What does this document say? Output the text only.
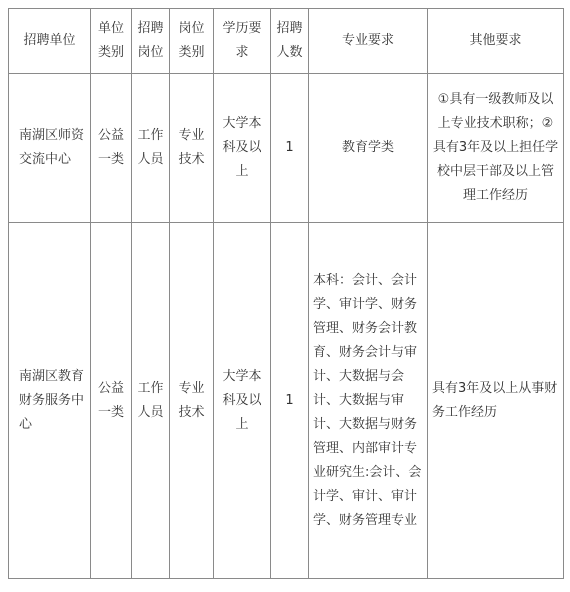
招聘单位	单位类别	招聘岗位	岗位类别	学历要求	招聘人数	专业要求	其他要求
南湖区师资交流中心	公益一类	工作人员	专业技术	大学本科及以上	1	教育学类	①具有一级教师及以上专业技术职称；②具有3年及以上担任学校中层干部及以上管理工作经历
南湖区教育财务服务中心	公益一类	工作人员	专业技术	大学本科及以上	1	本科：会计、会计学、审计学、财务管理、财务会计教育、财务会计与审计、大数据与会计、大数据与审计、大数据与财务管理、内部审计专业研究生:会计、会计学、审计、审计学、财务管理专业	具有3年及以上从事财务工作经历
